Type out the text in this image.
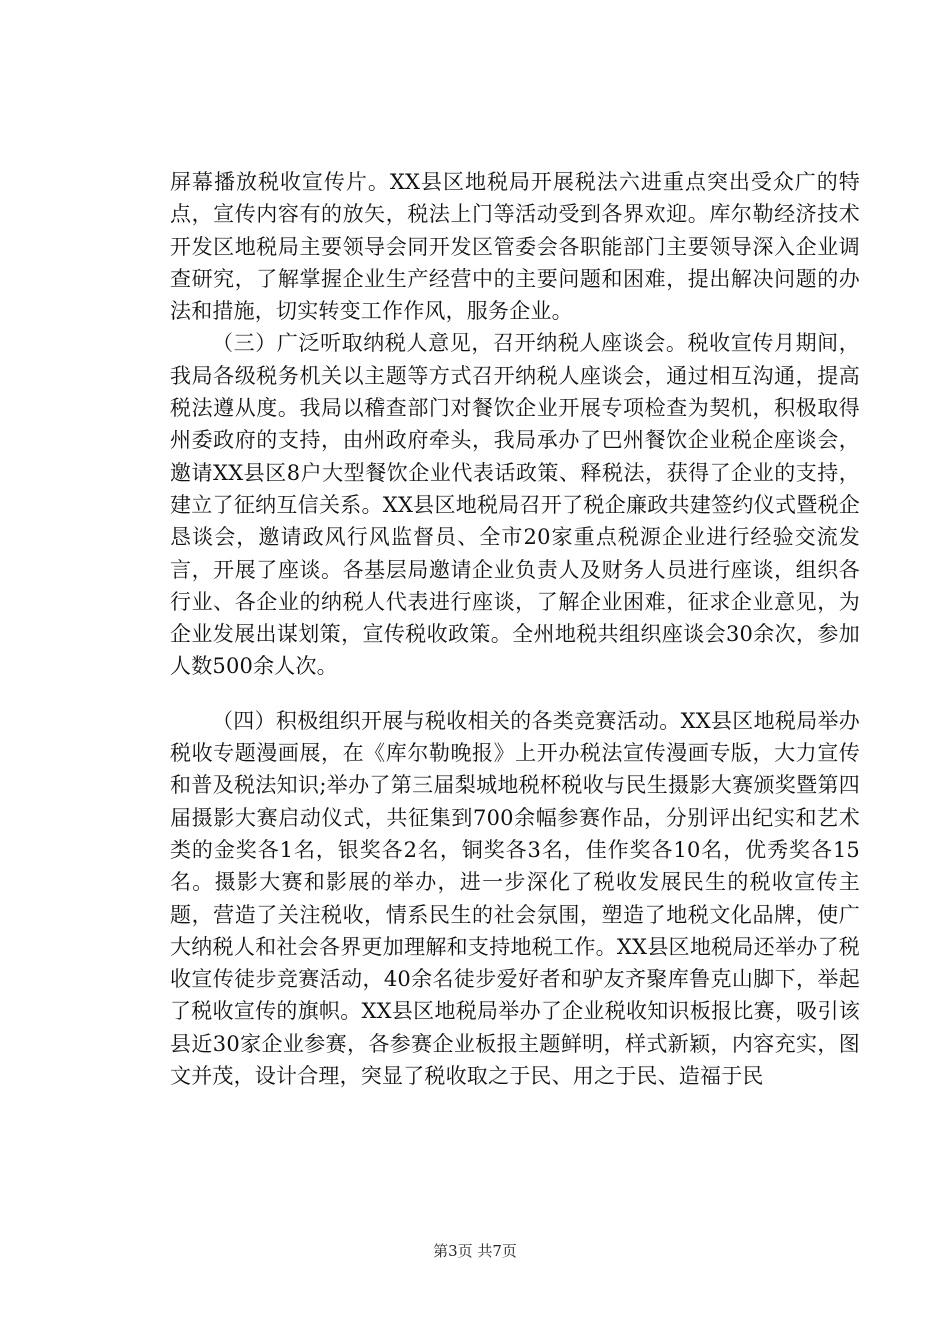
屏幕播放税收宣传片。XX县区地税局开展税法六进重点突出受众广的特点，宣传内容有的放矢，税法上门等活动受到各界欢迎。库尔勒经济技术开发区地税局主要领导会同开发区管委会各职能部门主要领导深入企业调查研究，了解掌握企业生产经营中的主要问题和困难，提出解决问题的办法和措施，切实转变工作作风，服务企业。

（三）广泛听取纳税人意见，召开纳税人座谈会。税收宣传月期间，我局各级税务机关以主题等方式召开纳税人座谈会，通过相互沟通，提高税法遵从度。我局以稽查部门对餐饮企业开展专项检查为契机，积极取得州委政府的支持，由州政府牵头，我局承办了巴州餐饮企业税企座谈会，邀请XX县区8户大型餐饮企业代表话政策、释税法，获得了企业的支持，建立了征纳互信关系。XX县区地税局召开了税企廉政共建签约仪式暨税企恳谈会，邀请政风行风监督员、全市20家重点税源企业进行经验交流发言，开展了座谈。各基层局邀请企业负责人及财务人员进行座谈，组织各行业、各企业的纳税人代表进行座谈，了解企业困难，征求企业意见，为企业发展出谋划策，宣传税收政策。全州地税共组织座谈会30余次，参加人数500余人次。

（四）积极组织开展与税收相关的各类竞赛活动。XX县区地税局举办税收专题漫画展，在《库尔勒晚报》上开办税法宣传漫画专版，大力宣传和普及税法知识;举办了第三届梨城地税杯税收与民生摄影大赛颁奖暨第四届摄影大赛启动仪式，共征集到700余幅参赛作品，分别评出纪实和艺术类的金奖各1名，银奖各2名，铜奖各3名，佳作奖各10名，优秀奖各15名。摄影大赛和影展的举办，进一步深化了税收发展民生的税收宣传主题，营造了关注税收，情系民生的社会氛围，塑造了地税文化品牌，使广大纳税人和社会各界更加理解和支持地税工作。XX县区地税局还举办了税收宣传徒步竞赛活动，40余名徒步爱好者和驴友齐聚库鲁克山脚下，举起了税收宣传的旗帜。XX县区地税局举办了企业税收知识板报比赛，吸引该县近30家企业参赛，各参赛企业板报主题鲜明，样式新颖，内容充实，图文并茂，设计合理，突显了税收取之于民、用之于民、造福于民

第3页 共7页
